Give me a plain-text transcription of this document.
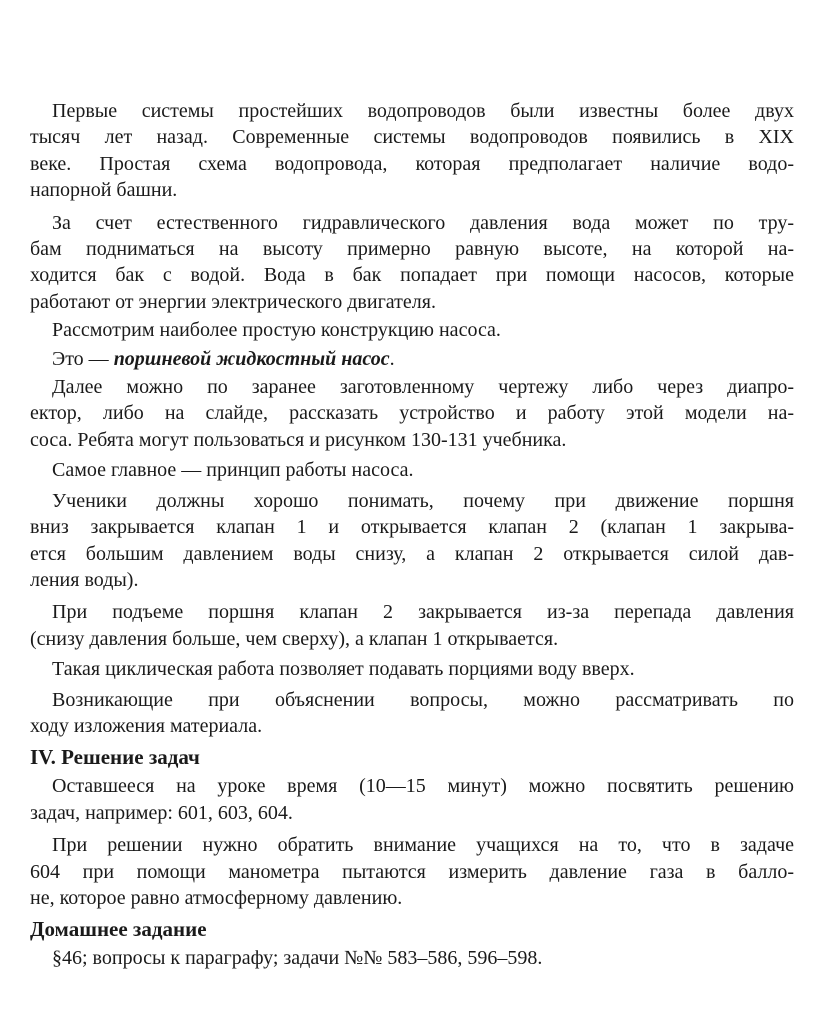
Первые системы простейших водопроводов были известны более двух
тысяч лет назад. Современные системы водопроводов появились в XIX
веке. Простая схема водопровода, которая предполагает наличие водо-
напорной башни.
За счет естественного гидравлического давления вода может по тру-
бам подниматься на высоту примерно равную высоте, на которой на-
ходится бак с водой. Вода в бак попадает при помощи насосов, которые
работают от энергии электрического двигателя.
Рассмотрим наиболее простую конструкцию насоса.
Это — поршневой жидкостный насос.
Далее можно по заранее заготовленному чертежу либо через диапро-
ектор, либо на слайде, рассказать устройство и работу этой модели на-
соса. Ребята могут пользоваться и рисунком 130-131 учебника.
Самое главное — принцип работы насоса.
Ученики должны хорошо понимать, почему при движение поршня
вниз закрывается клапан 1 и открывается клапан 2 (клапан 1 закрыва-
ется большим давлением воды снизу, а клапан 2 открывается силой дав-
ления воды).
При подъеме поршня клапан 2 закрывается из-за перепада давления
(снизу давления больше, чем сверху), а клапан 1 открывается.
Такая циклическая работа позволяет подавать порциями воду вверх.
Возникающие при объяснении вопросы, можно рассматривать по
ходу изложения материала.
IV. Решение задач
Оставшееся на уроке время (10—15 минут) можно посвятить решению
задач, например: 601, 603, 604.
При решении нужно обратить внимание учащихся на то, что в задаче
604 при помощи манометра пытаются измерить давление газа в балло-
не, которое равно атмосферному давлению.
Домашнее задание
§46; вопросы к параграфу; задачи №№ 583–586, 596–598.
